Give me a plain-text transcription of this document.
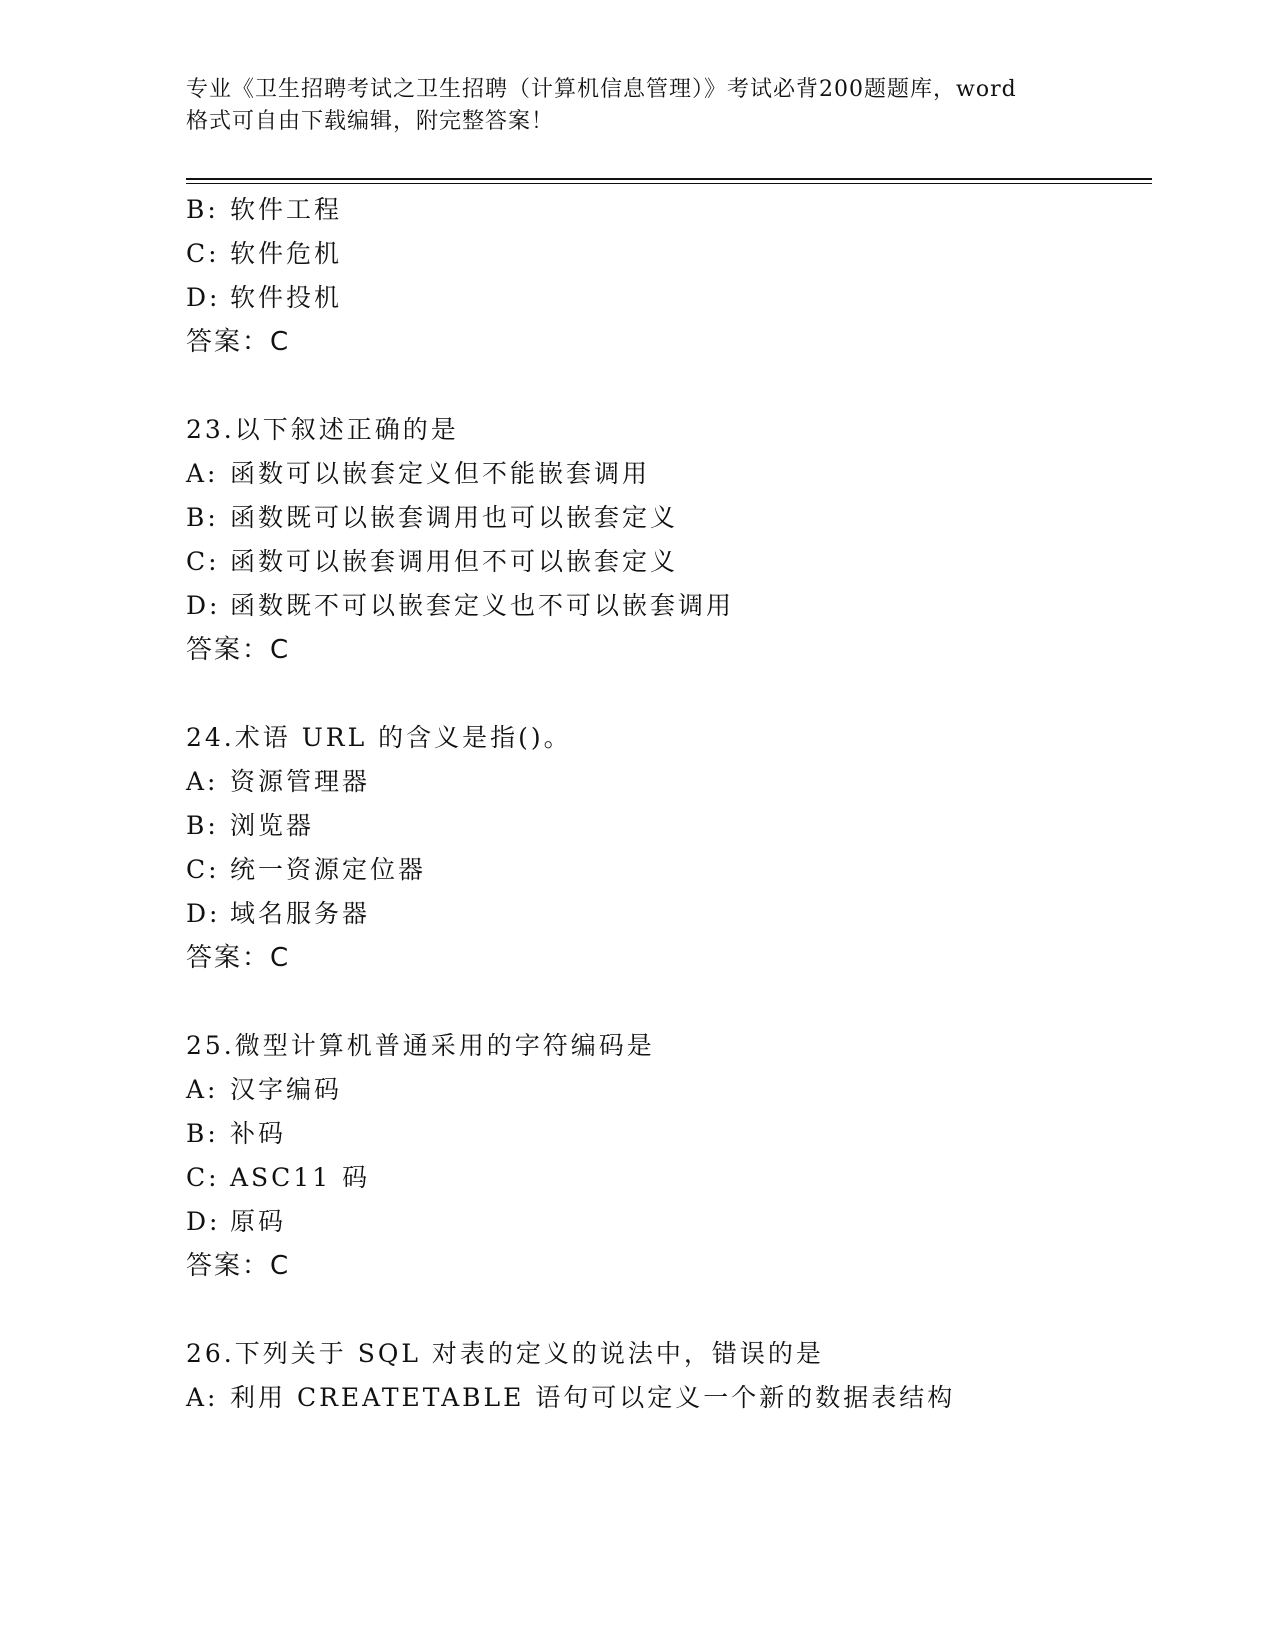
专业《卫生招聘考试之卫生招聘（计算机信息管理）》考试必背200题题库，word
格式可自由下载编辑，附完整答案！
B: 软件工程
C: 软件危机
D: 软件投机
答案：C
23.以下叙述正确的是
A: 函数可以嵌套定义但不能嵌套调用
B: 函数既可以嵌套调用也可以嵌套定义
C: 函数可以嵌套调用但不可以嵌套定义
D: 函数既不可以嵌套定义也不可以嵌套调用
答案：C
24.术语 URL 的含义是指()。
A: 资源管理器
B: 浏览器
C: 统一资源定位器
D: 域名服务器
答案：C
25.微型计算机普通采用的字符编码是
A: 汉字编码
B: 补码
C: ASC11 码
D: 原码
答案：C
26.下列关于 SQL 对表的定义的说法中，错误的是
A: 利用 CREATETABLE 语句可以定义一个新的数据表结构
